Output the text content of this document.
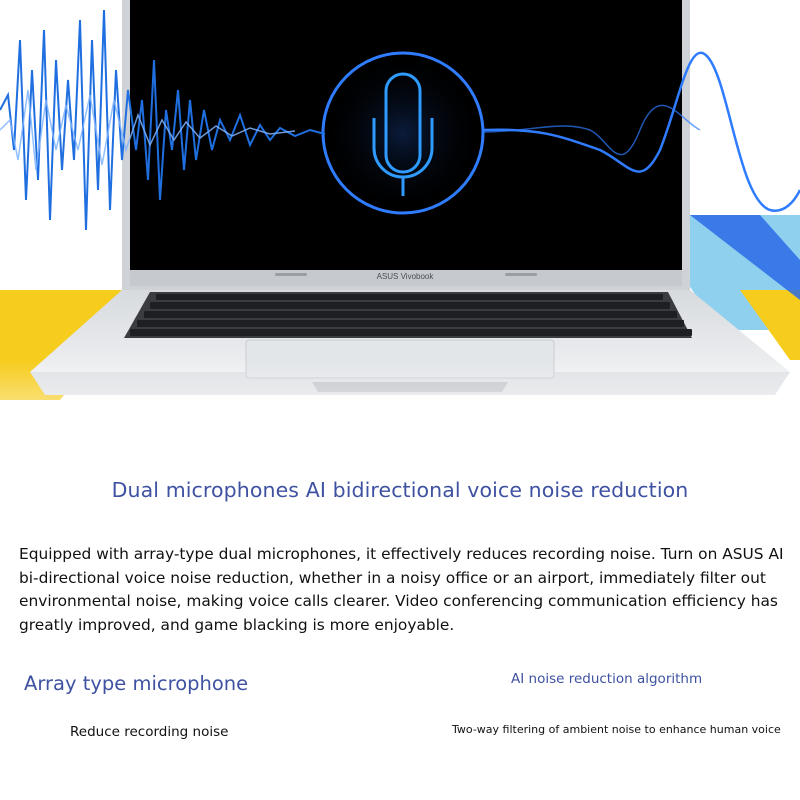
ASUS Vivobook
Dual microphones AI bidirectional voice noise reduction
Equipped with array-type dual microphones, it effectively reduces recording noise. Turn on ASUS AI bi-directional voice noise reduction, whether in a noisy office or an airport, immediately filter out environmental noise, making voice calls clearer. Video conferencing communication efficiency has greatly improved, and game blacking is more enjoyable.
Array type microphone
Reduce recording noise
AI noise reduction algorithm
Two-way filtering of ambient noise to enhance human voice
